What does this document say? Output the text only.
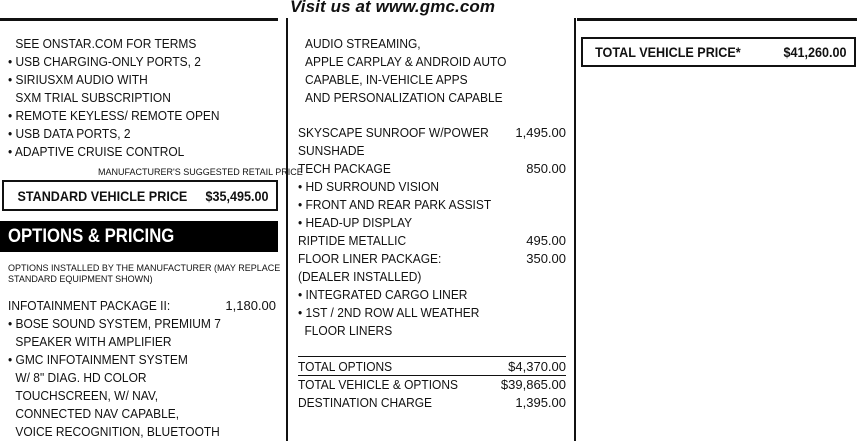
Visit us at www.gmc.com
SEE ONSTAR.COM FOR TERMS
• USB CHARGING-ONLY PORTS, 2
• SIRIUSXM AUDIO WITH
SXM TRIAL SUBSCRIPTION
• REMOTE KEYLESS/ REMOTE OPEN
• USB DATA PORTS, 2
• ADAPTIVE CRUISE CONTROL
MANUFACTURER'S SUGGESTED RETAIL PRICE
STANDARD VEHICLE PRICE $35,495.00
OPTIONS & PRICING
OPTIONS INSTALLED BY THE MANUFACTURER (MAY REPLACE
STANDARD EQUIPMENT SHOWN)
INFOTAINMENT PACKAGE II:	1,180.00
• BOSE SOUND SYSTEM, PREMIUM 7
SPEAKER WITH AMPLIFIER
• GMC INFOTAINMENT SYSTEM
W/ 8" DIAG. HD COLOR
TOUCHSCREEN, W/ NAV,
CONNECTED NAV CAPABLE,
VOICE RECOGNITION, BLUETOOTH
AUDIO STREAMING,
APPLE CARPLAY & ANDROID AUTO
CAPABLE, IN-VEHICLE APPS
AND PERSONALIZATION CAPABLE
SKYSCAPE SUNROOF W/POWER	1,495.00
SUNSHADE
TECH PACKAGE	850.00
• HD SURROUND VISION
• FRONT AND REAR PARK ASSIST
• HEAD-UP DISPLAY
RIPTIDE METALLIC	495.00
FLOOR LINER PACKAGE:	350.00
(DEALER INSTALLED)
• INTEGRATED CARGO LINER
• 1ST / 2ND ROW ALL WEATHER
FLOOR LINERS
TOTAL OPTIONS	$4,370.00
TOTAL VEHICLE & OPTIONS	$39,865.00
DESTINATION CHARGE	1,395.00
TOTAL VEHICLE PRICE*	$41,260.00
